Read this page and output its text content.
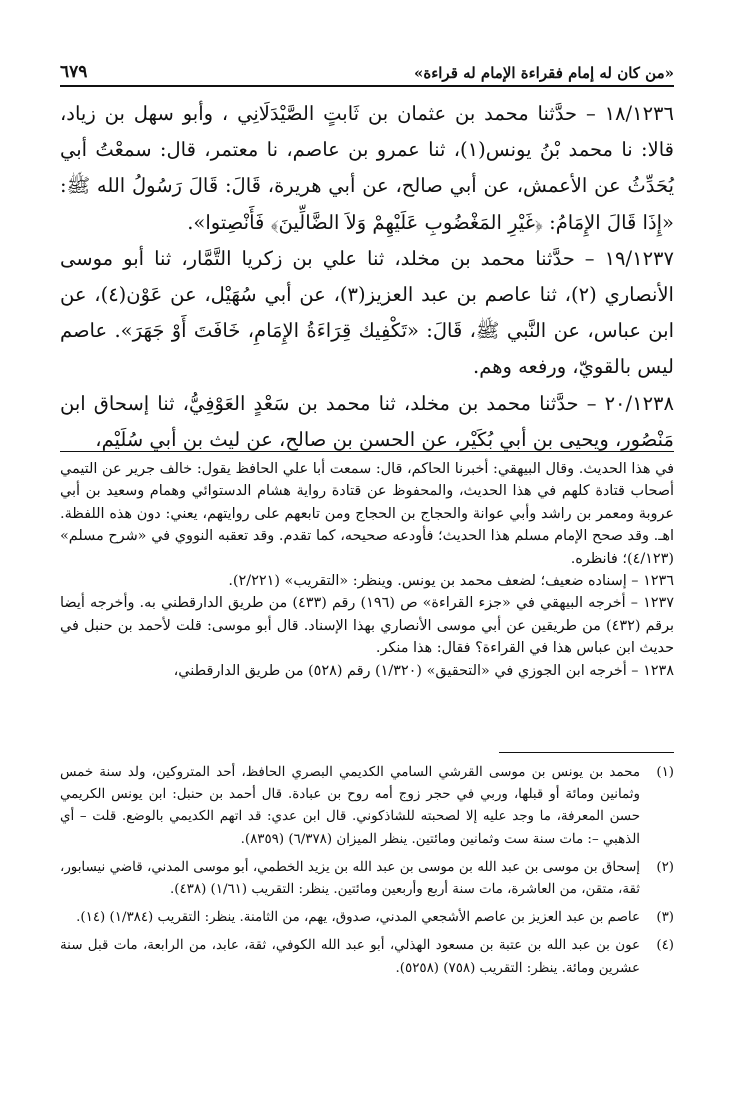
٦٧٩	«من كان له إمام فقراءة الإمام له قراءة»

١٨/١٢٣٦ – حدَّثنا محمد بن عثمان بن ثَابتٍ الصَّيْدَلَانِي ، وأبو سهل بن زياد، قالا: نا محمد بْنُ يونس(١)، ثنا عمرو بن عاصم، نا معتمر، قال: سمعْتُ أبي يُحَدِّثُ عن الأعمش، عن أبي صالح، عن أبي هريرة، قَالَ: قَالَ رَسُولُ الله ﷺ: «إِذَا قَالَ الإِمَامُ: ﴿غَيْرِ المَغْضُوبِ عَلَيْهِمْ وَلاَ الضَّالِّينَ﴾ فَأَنْصِتوا».

١٩/١٢٣٧ – حدَّثنا محمد بن مخلد، ثنا علي بن زكريا التَّمَّار، ثنا أبو موسى الأنصاري (٢)، ثنا عاصم بن عبد العزيز(٣)، عن أبي سُهَيْل، عن عَوْن(٤)، عن ابن عباس، عن النَّبي ﷺ، قَالَ: «تَكْفِيك قِرَاءَةُ الإِمَامِ، خَافَتَ أَوْ جَهَرَ». عاصم ليس بالقويّ، ورفعه وهم.

٢٠/١٢٣٨ – حدَّثنا محمد بن مخلد، ثنا محمد بن سَعْدٍ العَوْفِيُّ، ثنا إسحاق ابن مَنْصُور، ويحيى بن أبي بُكَيْر، عن الحسن بن صالح، عن ليث بن أبي سُلَيْم،

في هذا الحديث. وقال البيهقي: أخبرنا الحاكم، قال: سمعت أبا علي الحافظ يقول: خالف جرير عن التيمي أصحاب قتادة كلهم في هذا الحديث، والمحفوظ عن قتادة رواية هشام الدستوائي وهمام وسعيد بن أبي عروبة ومعمر بن راشد وأبي عوانة والحجاج بن الحجاج ومن تابعهم على روايتهم، يعني: دون هذه اللفظة. اهـ. وقد صحح الإمام مسلم هذا الحديث؛ فأودعه صحيحه، كما تقدم. وقد تعقبه النووي في «شرح مسلم» (٤/١٢٣)؛ فانظره.

١٢٣٦ – إسناده ضعيف؛ لضعف محمد بن يونس. وينظر: «التقريب» (٢/٢٢١).

١٢٣٧ – أخرجه البيهقي في «جزء القراءة» ص (١٩٦) رقم (٤٣٣) من طريق الدارقطني به. وأخرجه أيضا برقم (٤٣٢) من طريقين عن أبي موسى الأنصاري بهذا الإسناد. قال أبو موسى: قلت لأحمد بن حنبل في حديث ابن عباس هذا في القراءة؟ فقال: هذا منكر.

١٢٣٨ – أخرجه ابن الجوزي في «التحقيق» (١/٣٢٠) رقم (٥٢٨) من طريق الدارقطني،

(١)
محمد بن يونس بن موسى القرشي السامي الكديمي البصري الحافظ، أحد المتروكين، ولد سنة خمس وثمانين ومائة أو قبلها، وربي في حجر زوج أمه روح بن عبادة. قال أحمد بن حنبل: ابن يونس الكريمي حسن المعرفة، ما وجد عليه إلا لصحبته للشاذكوني. قال ابن عدي: قد اتهم الكديمي بالوضع. قلت – أي الذهبي –: مات سنة ست وثمانين ومائتين. ينظر الميزان (٦/٣٧٨) (٨٣٥٩).
(٢)
إسحاق بن موسى بن عبد الله بن موسى بن عبد الله بن يزيد الخطمي، أبو موسى المدني، قاضي نيسابور، ثقة، متقن، من العاشرة، مات سنة أربع وأربعين ومائتين. ينظر: التقريب (١/٦١) (٤٣٨).
(٣)
عاصم بن عبد العزيز بن عاصم الأشجعي المدني، صدوق، يهم، من الثامنة. ينظر: التقريب (١/٣٨٤) (١٤).
(٤)
عون بن عبد الله بن عتبة بن مسعود الهذلي، أبو عبد الله الكوفي، ثقة، عابد، من الرابعة، مات قبل سنة عشرين ومائة. ينظر: التقريب (٧٥٨) (٥٢٥٨).
